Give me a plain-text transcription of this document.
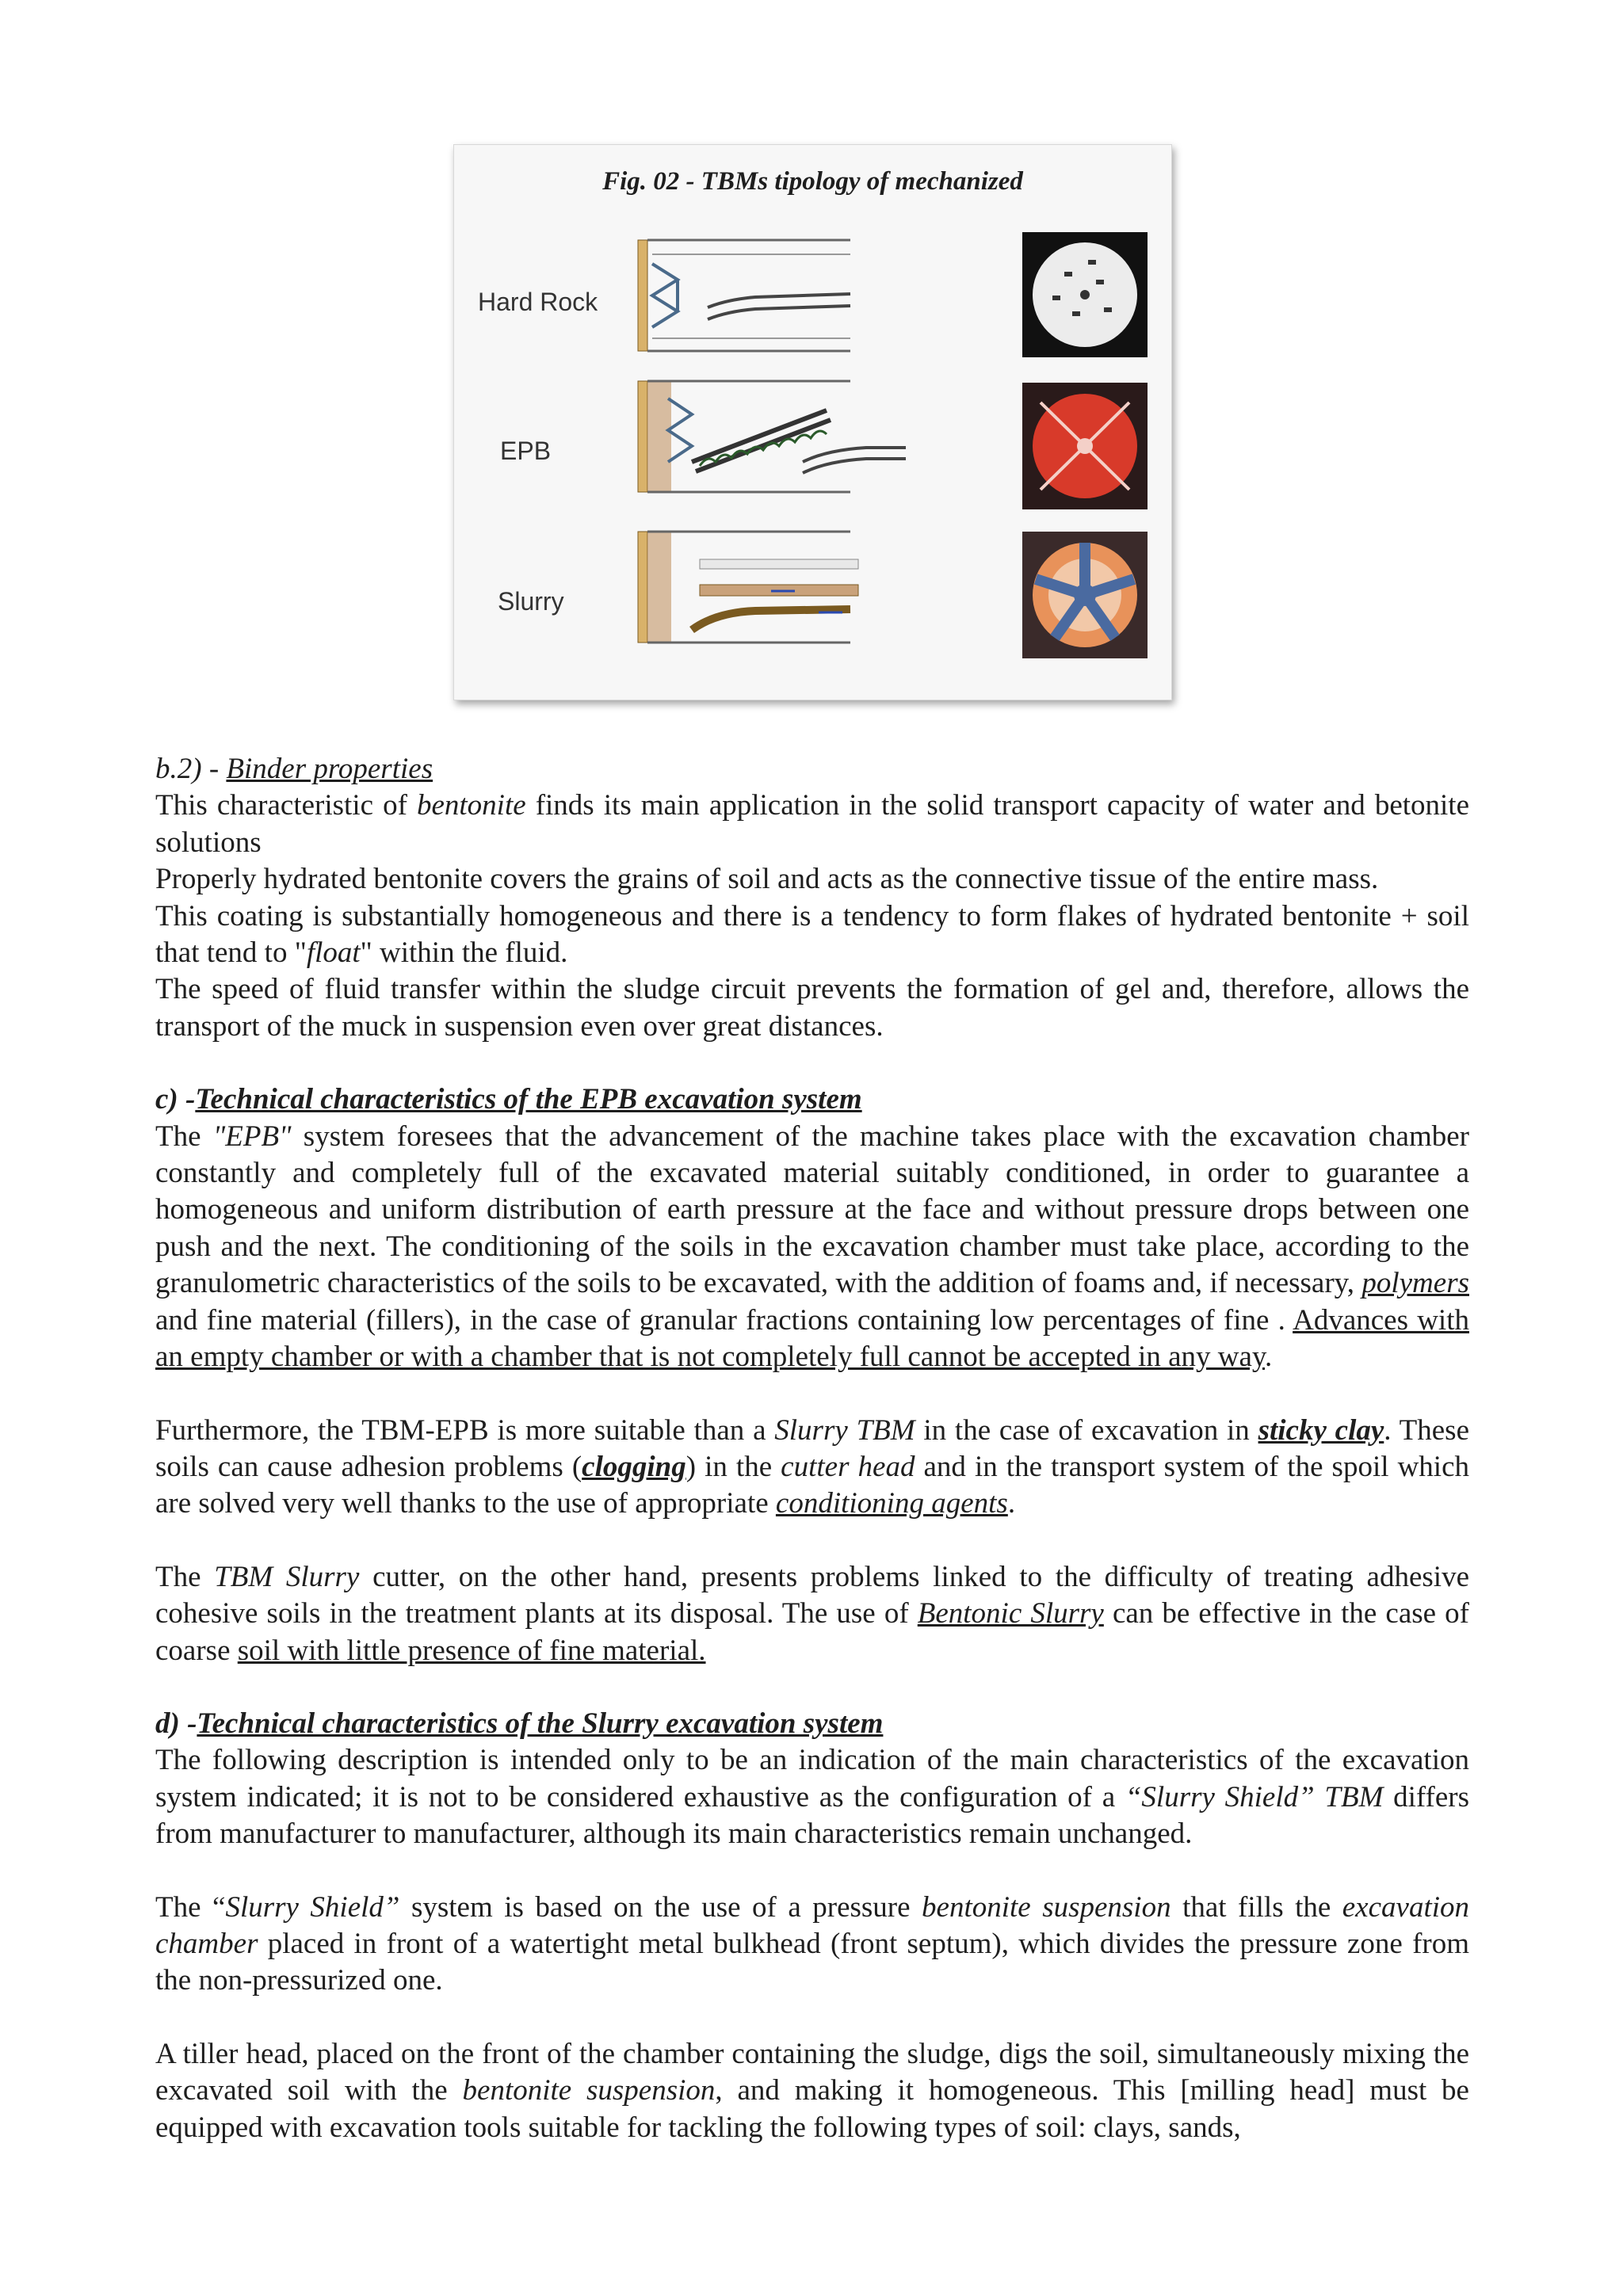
Fig. 02 - TBMs tipology of mechanized
Hard Rock
EPB
Slurry

b.2) - Binder properties

This characteristic of bentonite finds its main application in the solid transport capacity of water and betonite solutions

Properly hydrated bentonite covers the grains of soil and acts as the connective tissue of the entire mass.

This coating is substantially homogeneous and there is a tendency to form flakes of hydrated bentonite + soil that tend to "float" within the fluid.

The speed of fluid transfer within the sludge circuit prevents the formation of gel and, therefore, allows the transport of the muck in suspension even over great distances.

c) -Technical characteristics of the EPB excavation system

The "EPB" system foresees that the advancement of the machine takes place with the excavation chamber constantly and completely full of the excavated material suitably conditioned, in order to guarantee a homogeneous and uniform distribution of earth pressure at the face and without pressure drops between one push and the next. The conditioning of the soils in the excavation chamber must take place, according to the granulometric characteristics of the soils to be excavated, with the addition of foams and, if necessary, polymers and fine material (fillers), in the case of granular fractions containing low percentages of fine . Advances with an empty chamber or with a chamber that is not completely full cannot be accepted in any way.

Furthermore, the TBM-EPB is more suitable than a Slurry TBM in the case of excavation in sticky clay. These soils can cause adhesion problems (clogging) in the cutter head and in the transport system of the spoil which are solved very well thanks to the use of appropriate conditioning agents.

The TBM Slurry cutter, on the other hand, presents problems linked to the difficulty of treating adhesive cohesive soils in the treatment plants at its disposal. The use of Bentonic Slurry can be effective in the case of coarse soil with little presence of fine material.

d) -Technical characteristics of the Slurry excavation system

The following description is intended only to be an indication of the main characteristics of the excavation system indicated; it is not to be considered exhaustive as the configuration of a “Slurry Shield” TBM differs from manufacturer to manufacturer, although its main characteristics remain unchanged.

The “Slurry Shield” system is based on the use of a pressure bentonite suspension that fills the excavation chamber placed in front of a watertight metal bulkhead (front septum), which divides the pressure zone from the non-pressurized one.

A tiller head, placed on the front of the chamber containing the sludge, digs the soil, simultaneously mixing the excavated soil with the bentonite suspension, and making it homogeneous. This [milling head] must be equipped with excavation tools suitable for tackling the following types of soil: clays, sands,
